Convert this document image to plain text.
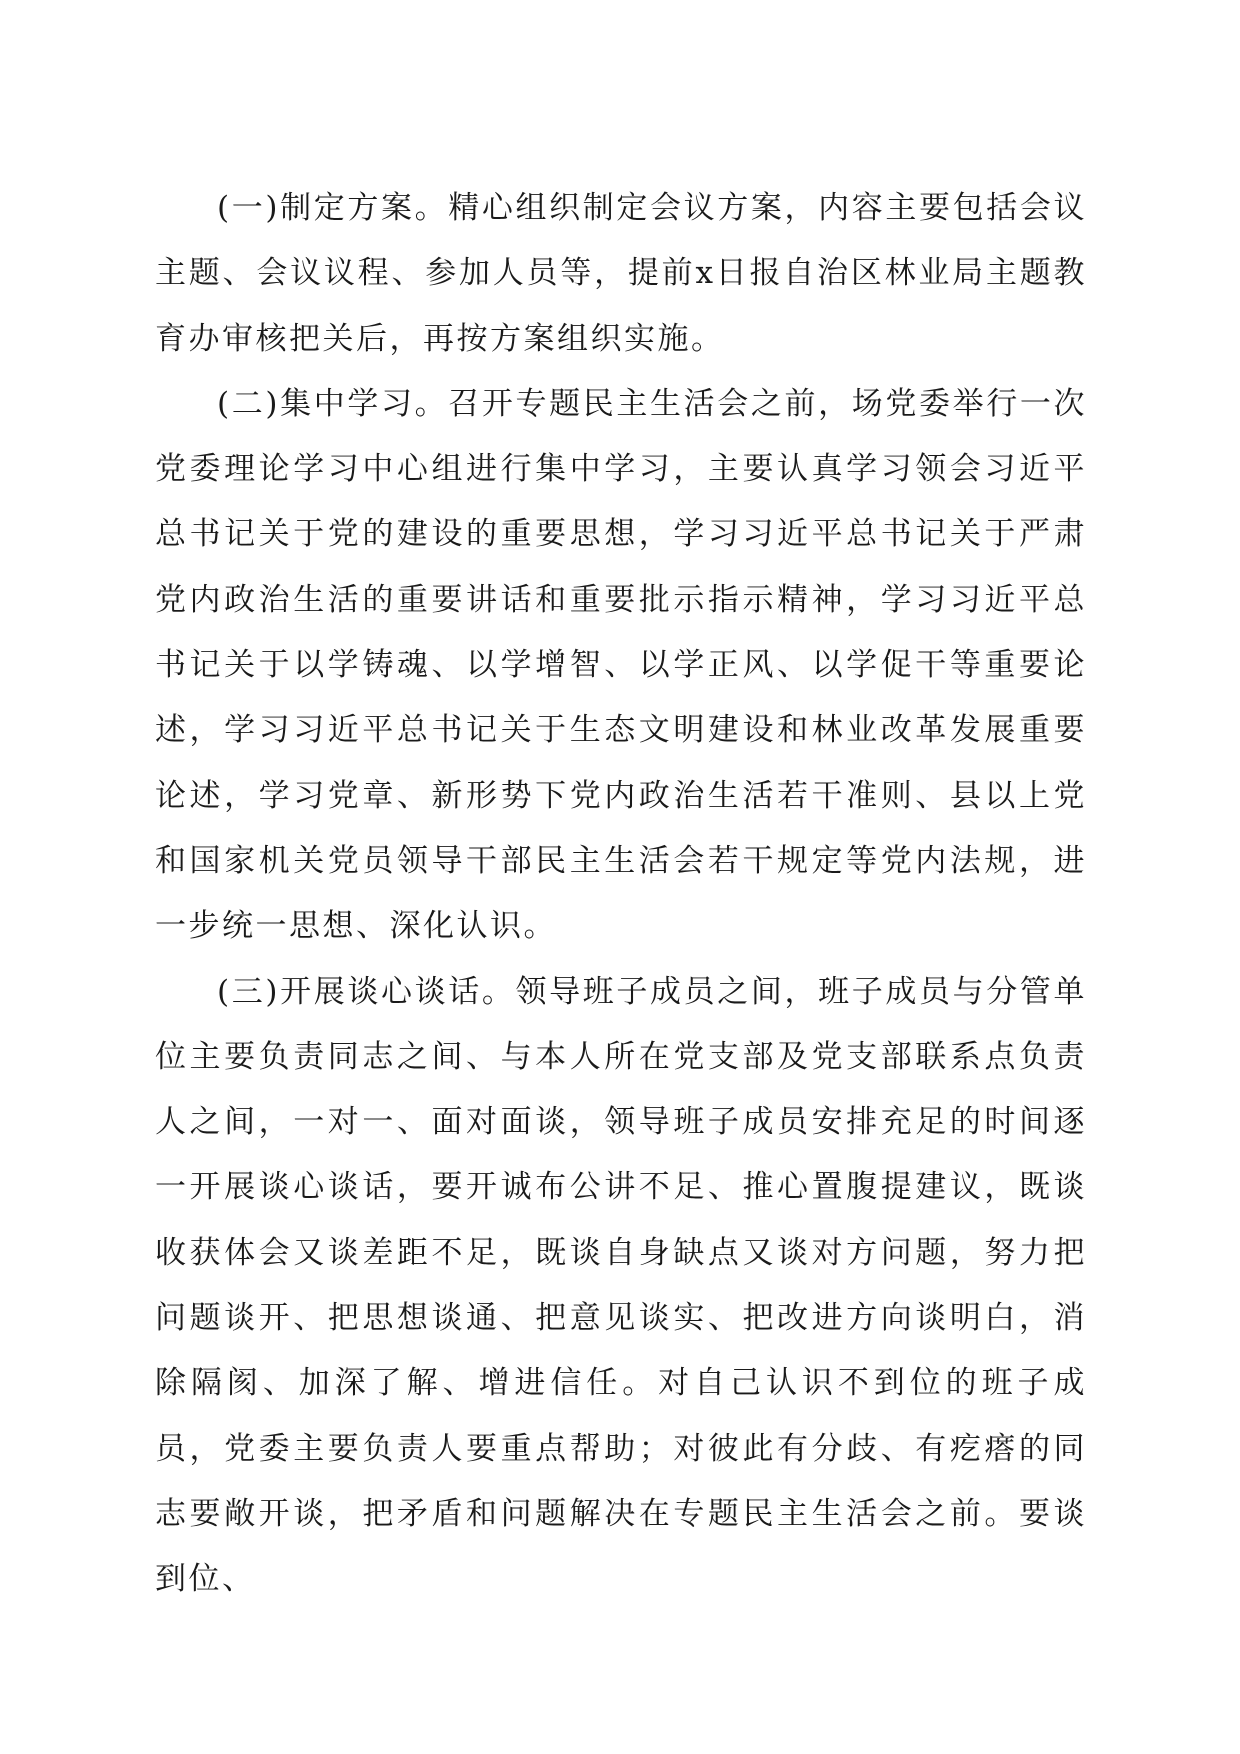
(一)制定方案。精心组织制定会议方案，内容主要包括会议主题、会议议程、参加人员等，提前x日报自治区林业局主题教育办审核把关后，再按方案组织实施。

(二)集中学习。召开专题民主生活会之前，场党委举行一次党委理论学习中心组进行集中学习，主要认真学习领会习近平总书记关于党的建设的重要思想，学习习近平总书记关于严肃党内政治生活的重要讲话和重要批示指示精神，学习习近平总书记关于以学铸魂、以学增智、以学正风、以学促干等重要论述，学习习近平总书记关于生态文明建设和林业改革发展重要论述，学习党章、新形势下党内政治生活若干准则、县以上党和国家机关党员领导干部民主生活会若干规定等党内法规，进一步统一思想、深化认识。

(三)开展谈心谈话。领导班子成员之间，班子成员与分管单位主要负责同志之间、与本人所在党支部及党支部联系点负责人之间，一对一、面对面谈，领导班子成员安排充足的时间逐一开展谈心谈话，要开诚布公讲不足、推心置腹提建议，既谈收获体会又谈差距不足，既谈自身缺点又谈对方问题，努力把问题谈开、把思想谈通、把意见谈实、把改进方向谈明白，消除隔阂、加深了解、增进信任。对自己认识不到位的班子成员，党委主要负责人要重点帮助；对彼此有分歧、有疙瘩的同志要敞开谈，把矛盾和问题解决在专题民主生活会之前。要谈到位、
